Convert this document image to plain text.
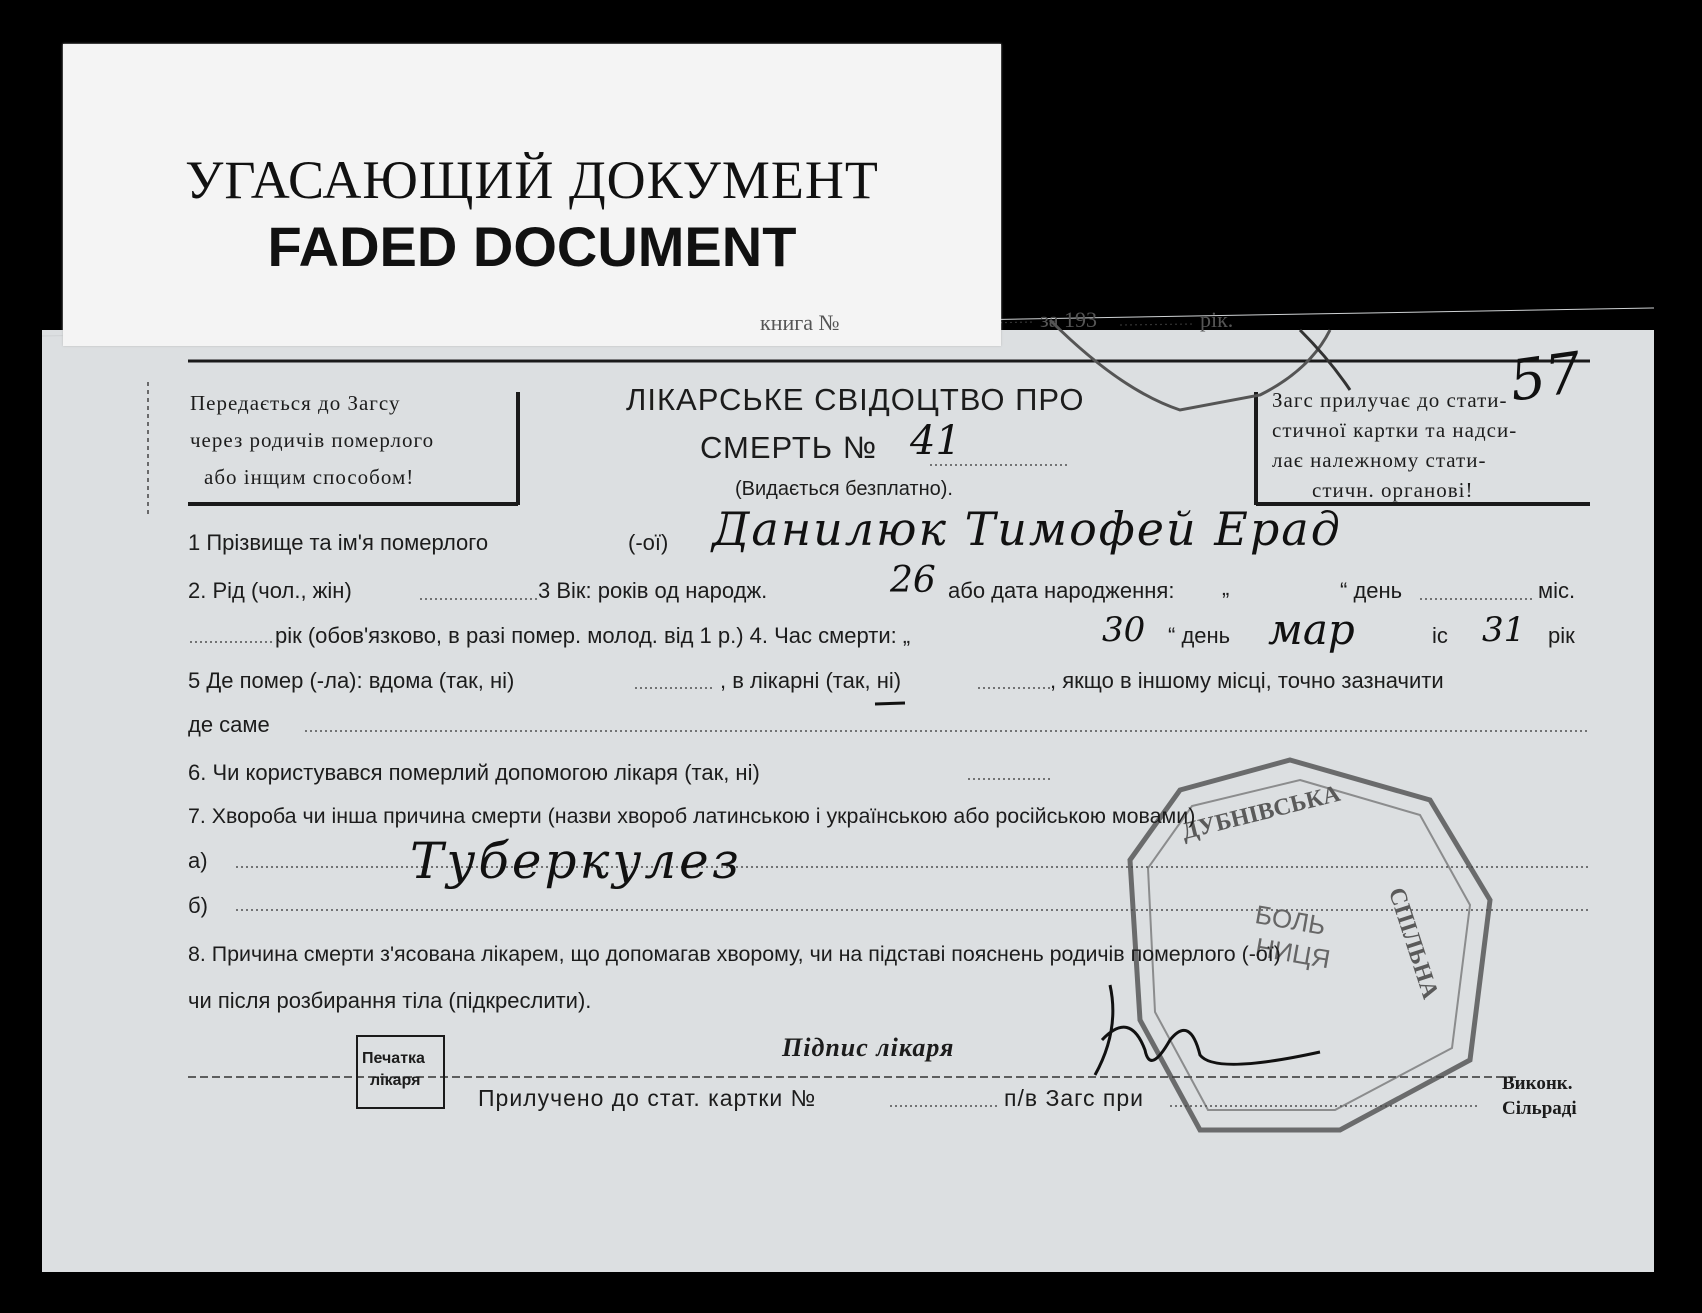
УГАСАЮЩИЙ ДОКУМЕНТ
FADED DOCUMENT
ДУБНІВСЬКА
СПІЛЬНА
БОЛЬ
НИЦЯ
книга №	за 193	рік.
Передається до Загсу
через родичів померлого
або інщим способом!
Загс прилучає до стати-
стичної картки та надси-
лає належному стати-
стичн. органові!
ЛІКАРСЬКЕ СВІДОЦТВО ПРО
СМЕРТЬ № 41
(Видається безплатно).
57
1 Прізвище та ім'я померлого	(-ої) Данилюк Тимофей Ерад
2. Рід (чол., жін)	3 Вік: років од народж.	26 або дата народження: „	“ день	міс.
рік (обов'язково, в разі помер. молод. від 1 р.) 4. Час смерти: „	30 “ день мар	іс 31 рік
5 Де помер (-ла): вдома (так, ні)	, в лікарні (так, ні)	, якщо в іншому місці, точно зазначити
де саме
6. Чи користувався померлий допомогою лікаря (так, ні)
7. Хвороба чи інша причина смерти (назви хвороб латинською і українською або російською мовами)
а)	Туберкулез
б)
8. Причина смерти з'ясована лікарем, що допомагав хворому, чи на підставі пояснень родичів померлого (-ої)
чи після розбирання тіла (підкреслити).
Підпис лікаря
Печатка
лікаря
Прилучено до стат. картки №	п/в Загс при
Виконк.
Сільраді
